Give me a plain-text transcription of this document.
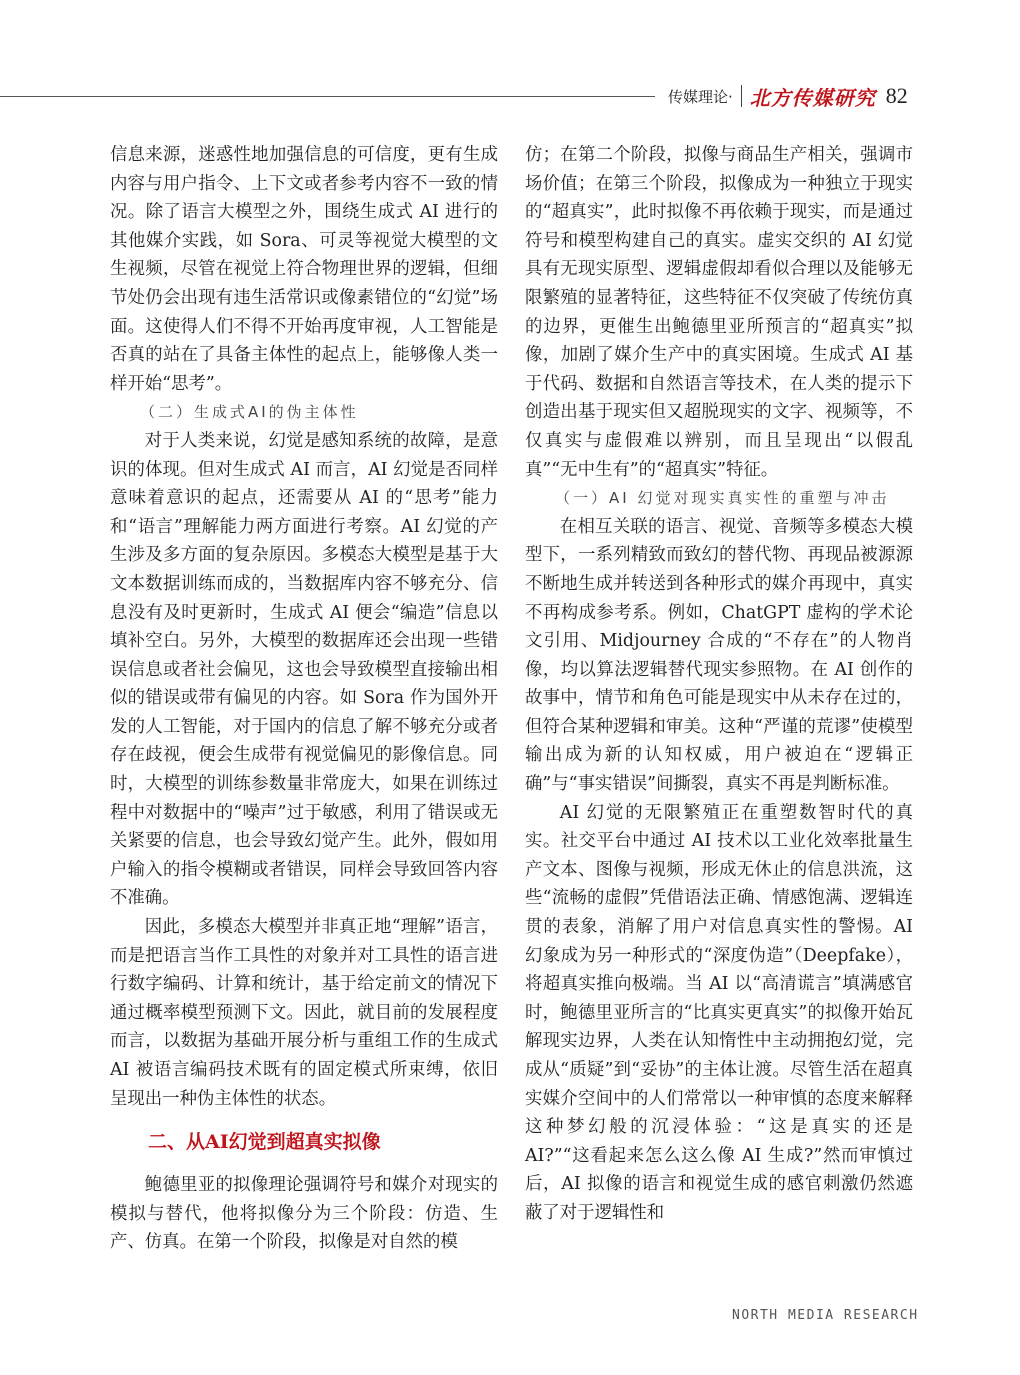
传媒理论· 北方传媒研究 82

信息来源，迷惑性地加强信息的可信度，更有生成内容与用户指令、上下文或者参考内容不一致的情况。除了语言大模型之外，围绕生成式 AI 进行的其他媒介实践，如 Sora、可灵等视觉大模型的文生视频，尽管在视觉上符合物理世界的逻辑，但细节处仍会出现有违生活常识或像素错位的“幻觉”场面。这使得人们不得不开始再度审视，人工智能是否真的站在了具备主体性的起点上，能够像人类一样开始“思考”。

（二）生成式AI的伪主体性

对于人类来说，幻觉是感知系统的故障，是意识的体现。但对生成式 AI 而言，AI 幻觉是否同样意味着意识的起点，还需要从 AI 的“思考”能力和“语言”理解能力两方面进行考察。AI 幻觉的产生涉及多方面的复杂原因。多模态大模型是基于大文本数据训练而成的，当数据库内容不够充分、信息没有及时更新时，生成式 AI 便会“编造”信息以填补空白。另外，大模型的数据库还会出现一些错误信息或者社会偏见，这也会导致模型直接输出相似的错误或带有偏见的内容。如 Sora 作为国外开发的人工智能，对于国内的信息了解不够充分或者存在歧视，便会生成带有视觉偏见的影像信息。同时，大模型的训练参数量非常庞大，如果在训练过程中对数据中的“噪声”过于敏感，利用了错误或无关紧要的信息，也会导致幻觉产生。此外，假如用户输入的指令模糊或者错误，同样会导致回答内容不准确。

因此，多模态大模型并非真正地“理解”语言，而是把语言当作工具性的对象并对工具性的语言进行数字编码、计算和统计，基于给定前文的情况下通过概率模型预测下文。因此，就目前的发展程度而言，以数据为基础开展分析与重组工作的生成式 AI 被语言编码技术既有的固定模式所束缚，依旧呈现出一种伪主体性的状态。

二、从AI幻觉到超真实拟像

鲍德里亚的拟像理论强调符号和媒介对现实的模拟与替代，他将拟像分为三个阶段：仿造、生产、仿真。在第一个阶段，拟像是对自然的模

仿；在第二个阶段，拟像与商品生产相关，强调市场价值；在第三个阶段，拟像成为一种独立于现实的“超真实”，此时拟像不再依赖于现实，而是通过符号和模型构建自己的真实。虚实交织的 AI 幻觉具有无现实原型、逻辑虚假却看似合理以及能够无限繁殖的显著特征，这些特征不仅突破了传统仿真的边界，更催生出鲍德里亚所预言的“超真实”拟像，加剧了媒介生产中的真实困境。生成式 AI 基于代码、数据和自然语言等技术，在人类的提示下创造出基于现实但又超脱现实的文字、视频等，不仅真实与虚假难以辨别，而且呈现出“以假乱真”“无中生有”的“超真实”特征。

（一）AI 幻觉对现实真实性的重塑与冲击

在相互关联的语言、视觉、音频等多模态大模型下，一系列精致而致幻的替代物、再现品被源源不断地生成并转送到各种形式的媒介再现中，真实不再构成参考系。例如，ChatGPT 虚构的学术论文引用、Midjourney 合成的“不存在”的人物肖像，均以算法逻辑替代现实参照物。在 AI 创作的故事中，情节和角色可能是现实中从未存在过的，但符合某种逻辑和审美。这种“严谨的荒谬”使模型输出成为新的认知权威，用户被迫在“逻辑正确”与“事实错误”间撕裂，真实不再是判断标准。

AI 幻觉的无限繁殖正在重塑数智时代的真实。社交平台中通过 AI 技术以工业化效率批量生产文本、图像与视频，形成无休止的信息洪流，这些“流畅的虚假”凭借语法正确、情感饱满、逻辑连贯的表象，消解了用户对信息真实性的警惕。AI 幻象成为另一种形式的“深度伪造”（Deepfake），将超真实推向极端。当 AI 以“高清谎言”填满感官时，鲍德里亚所言的“比真实更真实”的拟像开始瓦解现实边界，人类在认知惰性中主动拥抱幻觉，完成从“质疑”到“妥协”的主体让渡。尽管生活在超真实媒介空间中的人们常常以一种审慎的态度来解释这种梦幻般的沉浸体验：“这是真实的还是 AI?”“这看起来怎么这么像 AI 生成?”然而审慎过后，AI 拟像的语言和视觉生成的感官刺激仍然遮蔽了对于逻辑性和

NORTH MEDIA RESEARCH
